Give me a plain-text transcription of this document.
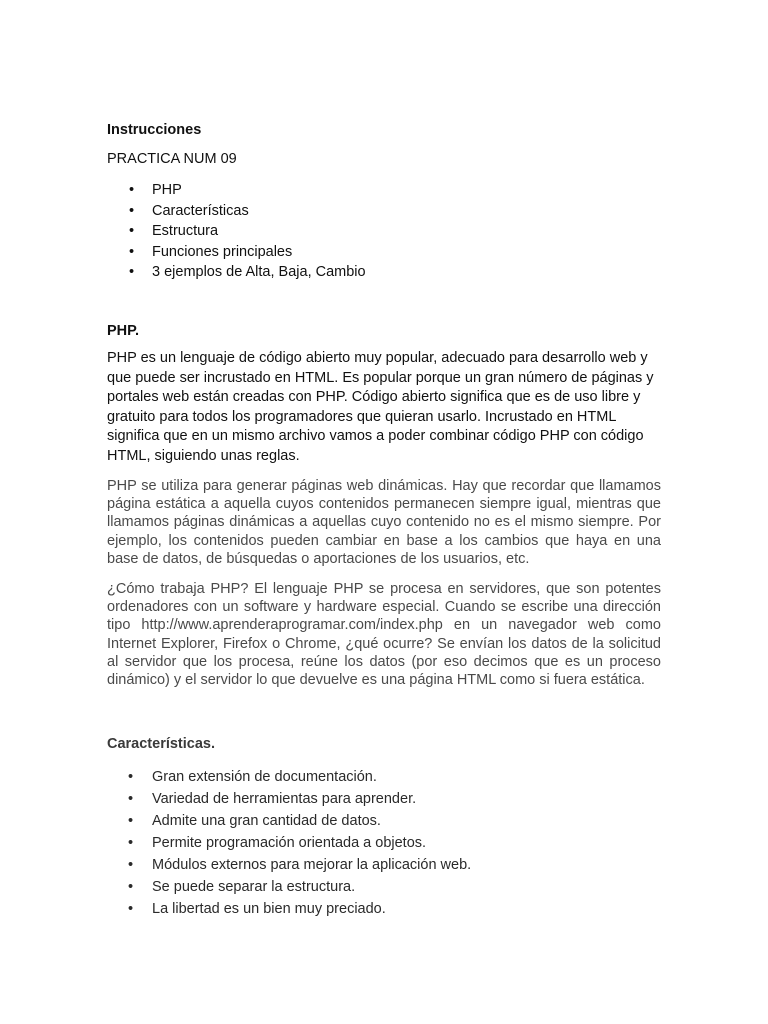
Instrucciones

PRACTICA NUM 09

• PHP
• Características
• Estructura
• Funciones principales
• 3 ejemplos de Alta, Baja, Cambio

PHP.

PHP es un lenguaje de código abierto muy popular, adecuado para desarrollo web y que puede ser incrustado en HTML. Es popular porque un gran número de páginas y portales web están creadas con PHP. Código abierto significa que es de uso libre y gratuito para todos los programadores que quieran usarlo. Incrustado en HTML significa que en un mismo archivo vamos a poder combinar código PHP con código HTML, siguiendo unas reglas.

PHP se utiliza para generar páginas web dinámicas. Hay que recordar que llamamos página estática a aquella cuyos contenidos permanecen siempre igual, mientras que llamamos páginas dinámicas a aquellas cuyo contenido no es el mismo siempre. Por ejemplo, los contenidos pueden cambiar en base a los cambios que haya en una base de datos, de búsquedas o aportaciones de los usuarios, etc.

¿Cómo trabaja PHP? El lenguaje PHP se procesa en servidores, que son potentes ordenadores con un software y hardware especial. Cuando se escribe una dirección tipo http://www.aprenderaprogramar.com/index.php en un navegador web como Internet Explorer, Firefox o Chrome, ¿qué ocurre? Se envían los datos de la solicitud al servidor que los procesa, reúne los datos (por eso decimos que es un proceso dinámico) y el servidor lo que devuelve es una página HTML como si fuera estática.

Características.

• Gran extensión de documentación.
• Variedad de herramientas para aprender.
• Admite una gran cantidad de datos.
• Permite programación orientada a objetos.
• Módulos externos para mejorar la aplicación web.
• Se puede separar la estructura.
• La libertad es un bien muy preciado.
